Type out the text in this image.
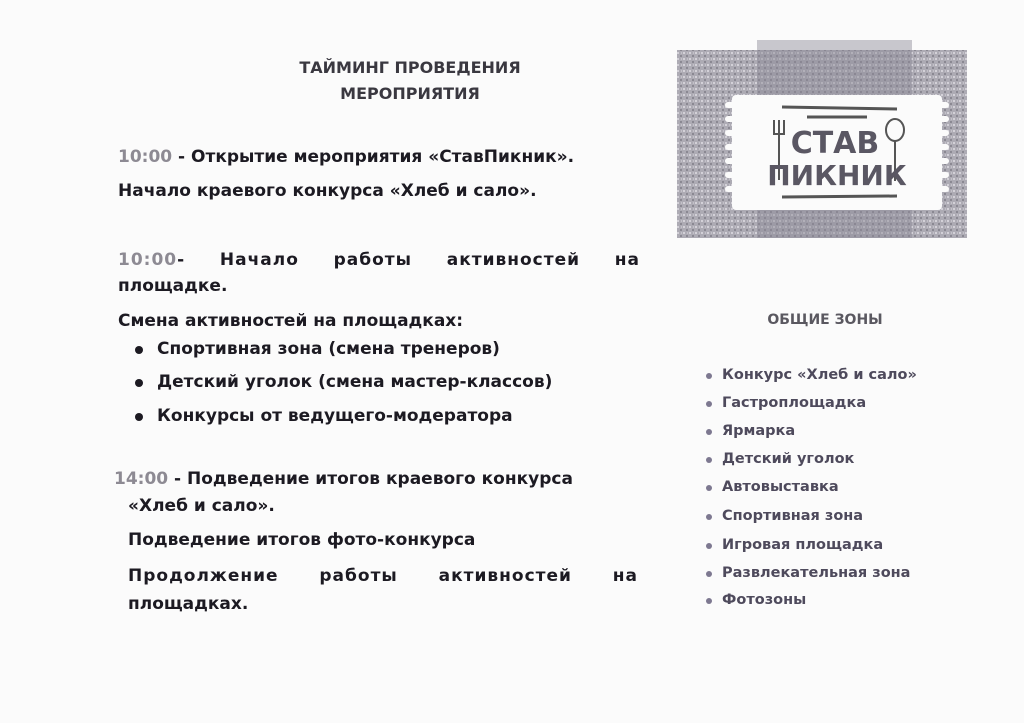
ТАЙМИНГ ПРОВЕДЕНИЯ
МЕРОПРИЯТИЯ
10:00 - Открытие мероприятия «СтавПикник».
Начало краевого конкурса «Хлеб и сало».
10:00- Начало работы активностей на
площадке.
Смена активностей на площадках:
Спортивная зона (смена тренеров)
Детский уголок (смена мастер-классов)
Конкурсы от ведущего-модератора
14:00 - Подведение итогов краевого конкурса
«Хлеб и сало».
Подведение итогов фото-конкурса
Продолжение работы активностей на
площадках.
СТАВ
ПИКНИК
ОБЩИЕ ЗОНЫ
Конкурс «Хлеб и сало»
Гастроплощадка
Ярмарка
Детский уголок
Автовыставка
Спортивная зона
Игровая площадка
Развлекательная зона
Фотозоны
